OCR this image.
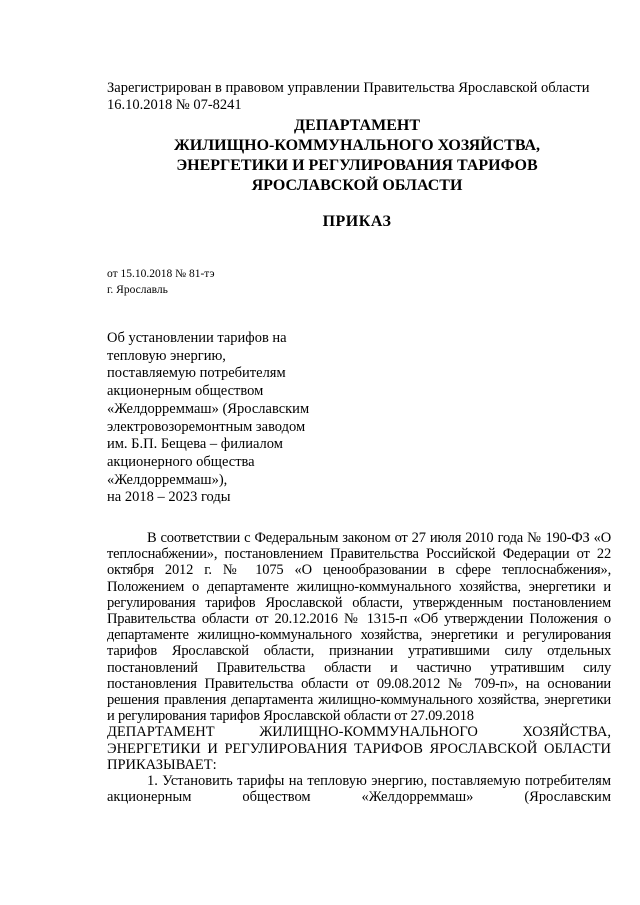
Зарегистрирован в правовом управлении Правительства Ярославской области
16.10.2018 № 07-8241
ДЕПАРТАМЕНТ
ЖИЛИЩНО-КОММУНАЛЬНОГО ХОЗЯЙСТВА,
ЭНЕРГЕТИКИ И РЕГУЛИРОВАНИЯ ТАРИФОВ
ЯРОСЛАВСКОЙ ОБЛАСТИ
ПРИКАЗ
от 15.10.2018 № 81-тэ
г. Ярославль
Об установлении тарифов на
тепловую энергию,
поставляемую потребителям
акционерным обществом
«Желдорреммаш» (Ярославским
электровозоремонтным заводом
им. Б.П. Бещева – филиалом
акционерного общества
«Желдорреммаш»),
на 2018 – 2023 годы

В соответствии с Федеральным законом от 27 июля 2010 года № 190-ФЗ «О теплоснабжении», постановлением Правительства Российской Федерации от 22 октября 2012 г. № 1075 «О ценообразовании в сфере теплоснабжения», Положением о департаменте жилищно-коммунального хозяйства, энергетики и регулирования тарифов Ярославской области, утвержденным постановлением Правительства области от 20.12.2016 № 1315-п «Об утверждении Положения о департаменте жилищно-коммунального хозяйства, энергетики и регулирования тарифов Ярославской области, признании утратившими силу отдельных постановлений Правительства области и частично утратившим силу постановления Правительства области от 09.08.2012 № 709-п», на основании решения правления департамента жилищно-коммунального хозяйства, энергетики и регулирования тарифов Ярославской области от 27.09.2018

ДЕПАРТАМЕНТ ЖИЛИЩНО-КОММУНАЛЬНОГО ХОЗЯЙСТВА, ЭНЕРГЕТИКИ И РЕГУЛИРОВАНИЯ ТАРИФОВ ЯРОСЛАВСКОЙ ОБЛАСТИ ПРИКАЗЫВАЕТ:

1. Установить тарифы на тепловую энергию, поставляемую потребителям акционерным обществом «Желдорреммаш» (Ярославским
